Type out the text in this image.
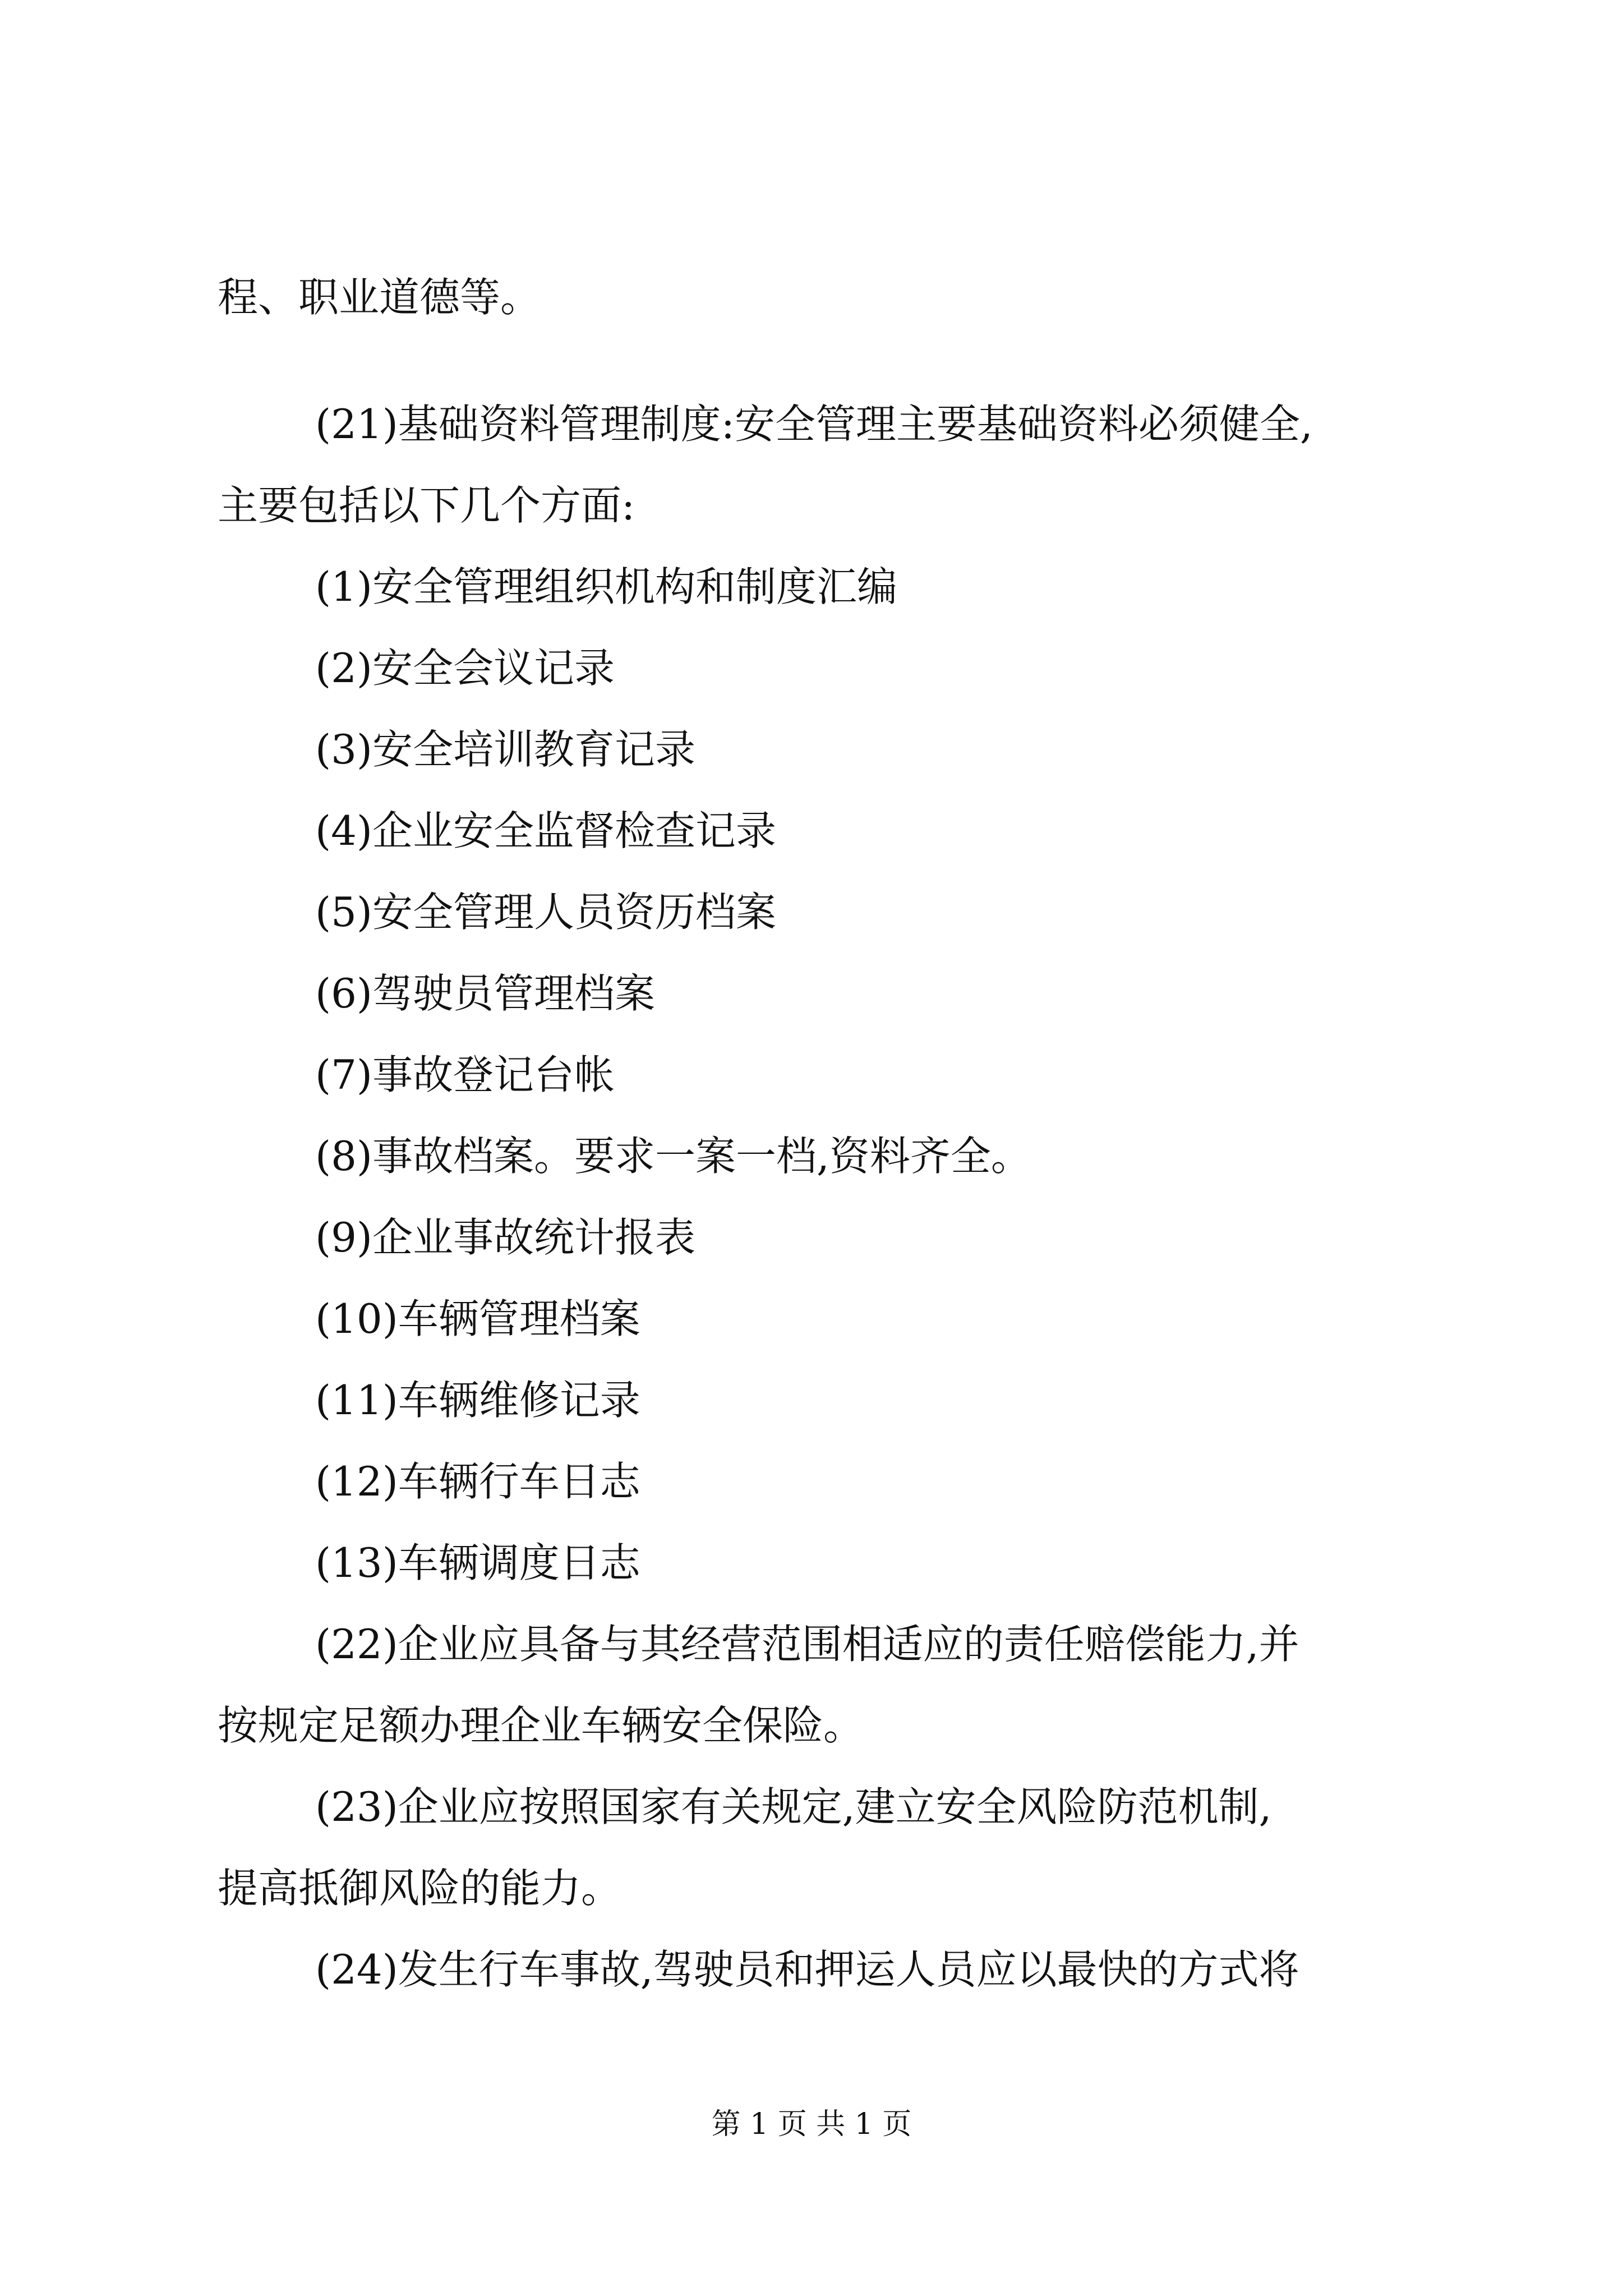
程、职业道德等。
(21)基础资料管理制度:安全管理主要基础资料必须健全,
主要包括以下几个方面:
(1)安全管理组织机构和制度汇编
(2)安全会议记录
(3)安全培训教育记录
(4)企业安全监督检查记录
(5)安全管理人员资历档案
(6)驾驶员管理档案
(7)事故登记台帐
(8)事故档案。要求一案一档,资料齐全。
(9)企业事故统计报表
(10)车辆管理档案
(11)车辆维修记录
(12)车辆行车日志
(13)车辆调度日志
(22)企业应具备与其经营范围相适应的责任赔偿能力,并
按规定足额办理企业车辆安全保险。
(23)企业应按照国家有关规定,建立安全风险防范机制,
提高抵御风险的能力。
(24)发生行车事故,驾驶员和押运人员应以最快的方式将
第 1 页 共 1 页
